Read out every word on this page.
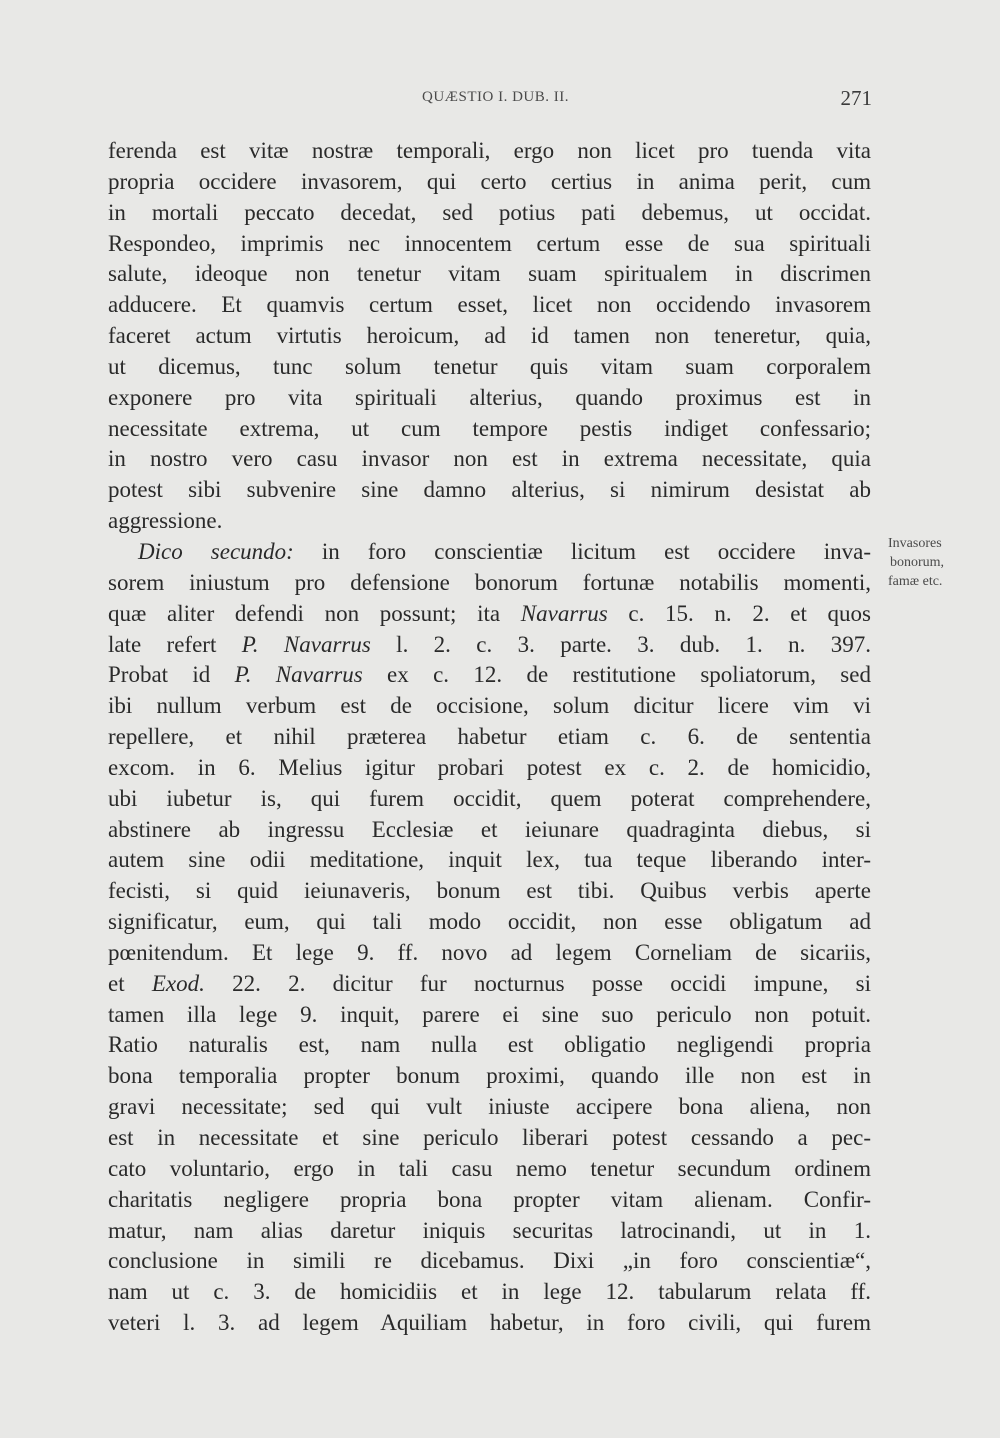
QUÆSTIO I. DUB. II.	271
ferenda est vitæ nostræ temporali, ergo non licet pro tuenda vita
propria occidere invasorem, qui certo certius in anima perit, cum
in mortali peccato decedat, sed potius pati debemus, ut occidat.
Respondeo, imprimis nec innocentem certum esse de sua spirituali
salute, ideoque non tenetur vitam suam spiritualem in discrimen
adducere. Et quamvis certum esset, licet non occidendo invasorem
faceret actum virtutis heroicum, ad id tamen non teneretur, quia,
ut dicemus, tunc solum tenetur quis vitam suam corporalem
exponere pro vita spirituali alterius, quando proximus est in
necessitate extrema, ut cum tempore pestis indiget confessario;
in nostro vero casu invasor non est in extrema necessitate, quia
potest sibi subvenire sine damno alterius, si nimirum desistat ab
aggressione.
Dico secundo: in foro conscientiæ licitum est occidere inva-
sorem iniustum pro defensione bonorum fortunæ notabilis momenti,
quæ aliter defendi non possunt; ita Navarrus c. 15. n. 2. et quos
late refert P. Navarrus l. 2. c. 3. parte. 3. dub. 1. n. 397.
Probat id P. Navarrus ex c. 12. de restitutione spoliatorum, sed
ibi nullum verbum est de occisione, solum dicitur licere vim vi
repellere, et nihil præterea habetur etiam c. 6. de sententia
excom. in 6. Melius igitur probari potest ex c. 2. de homicidio,
ubi iubetur is, qui furem occidit, quem poterat comprehendere,
abstinere ab ingressu Ecclesiæ et ieiunare quadraginta diebus, si
autem sine odii meditatione, inquit lex, tua teque liberando inter-
fecisti, si quid ieiunaveris, bonum est tibi. Quibus verbis aperte
significatur, eum, qui tali modo occidit, non esse obligatum ad
pœnitendum. Et lege 9. ff. novo ad legem Corneliam de sicariis,
et Exod. 22. 2. dicitur fur nocturnus posse occidi impune, si
tamen illa lege 9. inquit, parere ei sine suo periculo non potuit.
Ratio naturalis est, nam nulla est obligatio negligendi propria
bona temporalia propter bonum proximi, quando ille non est in
gravi necessitate; sed qui vult iniuste accipere bona aliena, non
est in necessitate et sine periculo liberari potest cessando a pec-
cato voluntario, ergo in tali casu nemo tenetur secundum ordinem
charitatis negligere propria bona propter vitam alienam. Confir-
matur, nam alias daretur iniquis securitas latrocinandi, ut in 1.
conclusione in simili re dicebamus. Dixi „in foro conscientiæ“,
nam ut c. 3. de homicidiis et in lege 12. tabularum relata ff.
veteri l. 3. ad legem Aquiliam habetur, in foro civili, qui furem
Invasores
bonorum,
famæ etc.
